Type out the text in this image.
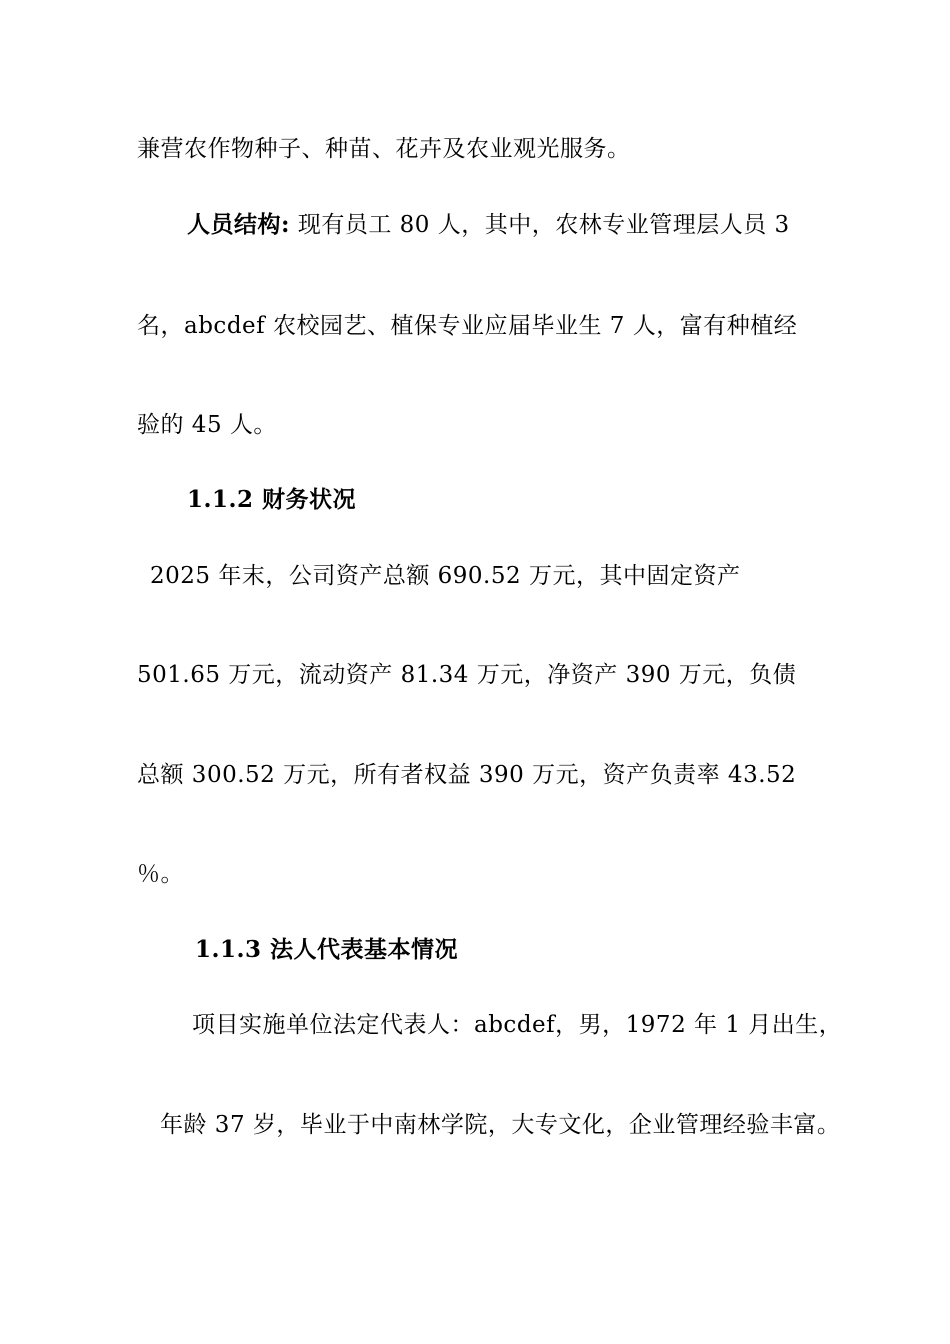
兼营农作物种子、种苗、花卉及农业观光服务。

人员结构: 现有员工 80 人，其中，农林专业管理层人员 3

名，abcdef 农校园艺、植保专业应届毕业生 7 人，富有种植经

验的 45 人。

1.1.2 财务状况

2025 年末，公司资产总额 690.52 万元，其中固定资产

501.65 万元，流动资产 81.34 万元，净资产 390 万元，负债

总额 300.52 万元，所有者权益 390 万元，资产负责率 43.52

％。

1.1.3 法人代表基本情况

项目实施单位法定代表人：abcdef，男，1972 年 1 月出生，

年龄 37 岁，毕业于中南林学院，大专文化，企业管理经验丰富。
